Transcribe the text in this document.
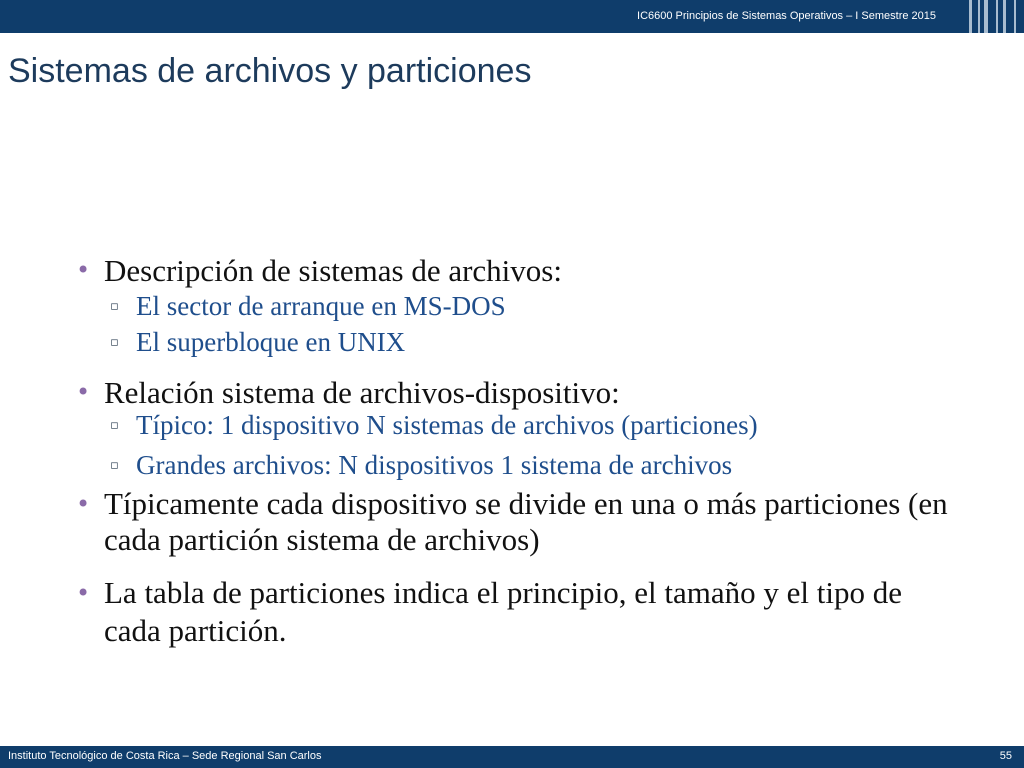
IC6600 Principios de Sistemas Operativos – I Semestre 2015
Sistemas de archivos y particiones
• Descripción de sistemas de archivos:
▫ El sector de arranque en MS-DOS
▫ El superbloque en UNIX
• Relación sistema de archivos-dispositivo:
▫ Típico: 1 dispositivo N sistemas de archivos (particiones)
▫ Grandes archivos: N dispositivos 1 sistema de archivos
• Típicamente cada dispositivo se divide en una o más particiones (en cada partición sistema de archivos)
• La tabla de particiones indica el principio, el tamaño y el tipo de cada partición.
Instituto Tecnológico de Costa Rica – Sede Regional San Carlos	55
